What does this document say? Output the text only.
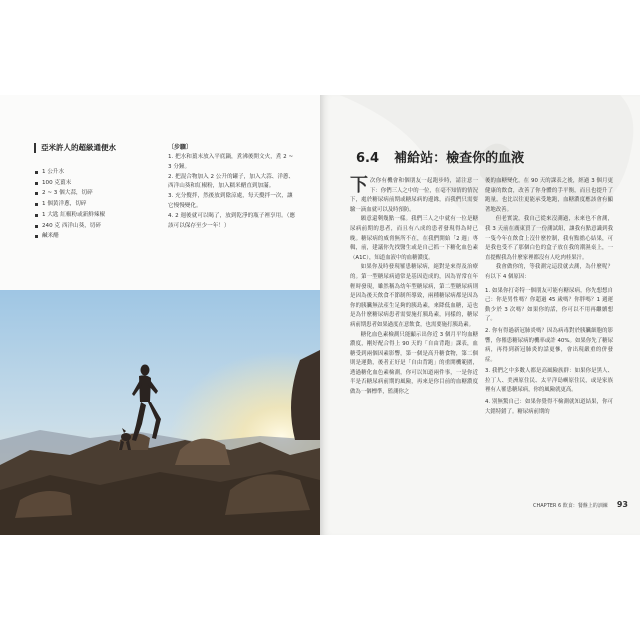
亞米許人的超級通便水
1 公升水
100 克薑末
2 ~ 3 個大蒜，切碎
1 個黃洋蔥，切碎
1 大匙 紅椒粉或新鮮辣椒
240 克 西洋山葵，切碎
鹹米醋
〔步驟〕
1. 把水和薑末放入平底鍋，煮沸後開文火，煮 2 ~ 3 分鐘。
2. 把混合物加入 2 公升的罐子，加入大蒜、洋蔥、西洋山葵和紅椒粉，加入糯米醋直到加滿。
3. 充分攪拌，然後放到陰涼處，每天攪拌一次，讓它慢慢變化。
4. 2 週後就可以喝了，放到乾淨的瓶子裡享用。（應該可以保存至少一年！）
6.4 補給站：檢查你的血液

下次你有機會和個朋友一起跑步時，請注意一下：你們三人之中的一位，在毫不知情的情況下，處於糖尿病前期或糖尿病的邊緣，而我們只需要驗一滴血就可以及時預防。

願意還剩幾點一樣。我們三人之中就有一位是糖尿病前期的患者，而且有八成的患者發現得為時已晚。糖尿病的威脅無所不在，在我們開始「2 週」專輯，前，建議你先找醫生或是自己抓一下糖化血色素（A1C），知道血液中的血糖濃度。

如果你及時發現罹患糖尿病，絕對是來得及治療的。第一型糖尿病通常是基因造成的，因為胃常在年輕時發現，雖然稱為幼年型糖尿病，第二型糖尿病則是因為後天飲食不節制所導致，兩種糖尿病都是因為你的胰臟無法產生足夠的胰島素，來降低血糖，這也是為什麼糖尿病患者需要施打胰島素，同樣的，糖尿病前期患者如果過度在意飲食，也需要施打胰島素。

糖化血色素檢測只能顯示出你近 3 個月平均血糖濃度，剛好配合得上 90 天的「自由背跑」課表，血糖受到兩個因素影響，第一個是高升糖食物，第二個則是運動，後者正好是「自由背跑」的重開機範圍，透過糖化血色素檢測，你可以知道兩件事，一是你近半是否糖尿病前期的風險，再來是你目前的血糖濃度做為一個標準，監測你之

後的血糖變化，在 90 天的課表之後，經過 3 個月更健康的飲食，改善了你身體的手平衡，而且也提升了跑量，也比以往更能承受地跑，血糖濃度應該會有顯著地改善。

但老實說，我自己從來沒測過，未來也不會測，我 3 天前在廣東買了一份測試組，讓我有點意識到我一隻今年在飲食上沒什麼控制，我有點擔心結果，可是我也受不了那個白色的盒子放在我的潮濕桌上，一直提醒我為什麼家裡都沒有人吃肉桂果汁。

我會做你的，等我測完這段就去測，為什麼呢？有以下 4 個原因：

1. 如果你打奇特一個朋友可能有糖尿病，你先想想自己：你是男性嗎？你超過 45 歲嗎？你胖嗎？1 週運動少於 3 次嗎？如果你的話，你可以不用再繼續想了。
2. 你有得過新冠肺炎嗎？因為病毒對於胰臟細胞的影響，你罹患糖尿病的機率或許 40%。如果你先了糖尿病，再得到新冠肺炎的話更慘，會出現嚴重的併發症。
3. 我們之中多數人都是高風險族群：如果你是黑人、拉丁人、美洲原住民、太平洋島嶼原住民，或是家族裡有人罹患糖尿病，你的風險就更高。
4. 別無驚自己：如果你覺得不檢測就知道結果，你可大錯特錯了。糖尿病前期的
CHAPTER 6 飲食：餐盤上的訓練 93
